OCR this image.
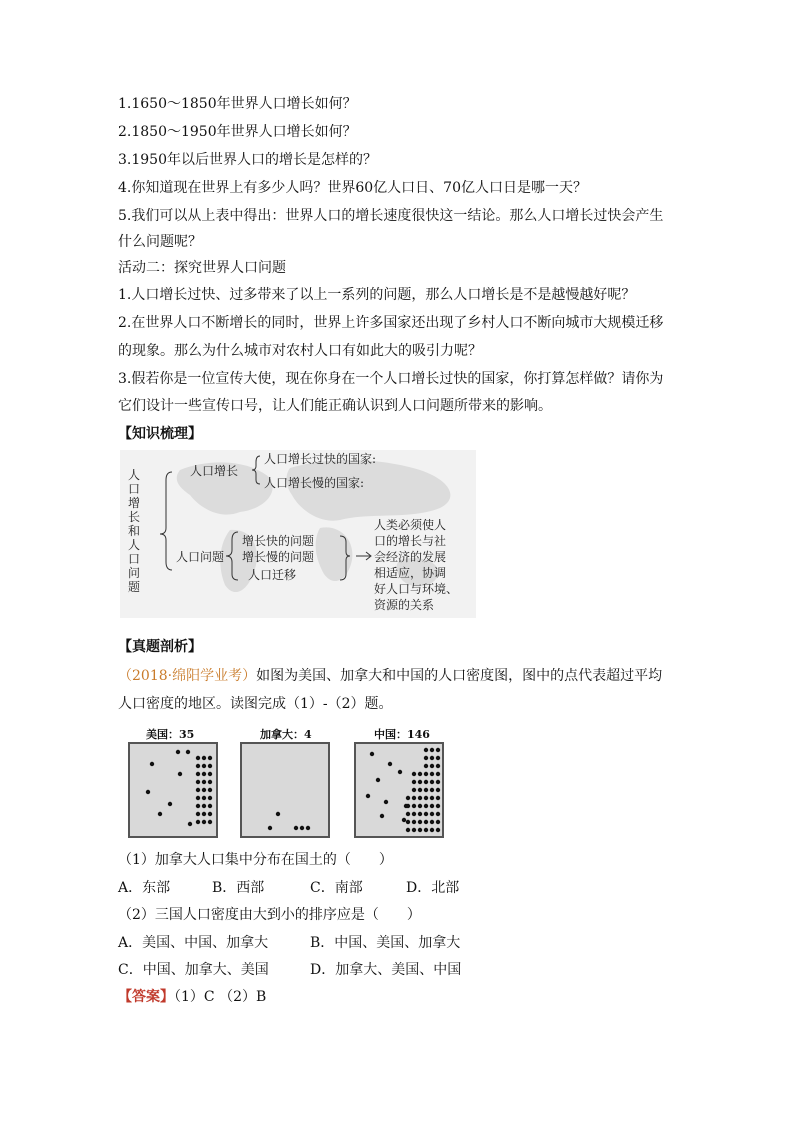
1.1650～1850年世界人口增长如何？
2.1850～1950年世界人口增长如何？
3.1950年以后世界人口的增长是怎样的？
4.你知道现在世界上有多少人吗？世界60亿人口日、70亿人口日是哪一天？
5.我们可以从上表中得出：世界人口的增长速度很快这一结论。那么人口增长过快会产生
什么问题呢？
活动二：探究世界人口问题
1.人口增长过快、过多带来了以上一系列的问题，那么人口增长是不是越慢越好呢？
2.在世界人口不断增长的同时，世界上许多国家还出现了乡村人口不断向城市大规模迁移
的现象。那么为什么城市对农村人口有如此大的吸引力呢？
3.假若你是一位宣传大使，现在你身在一个人口增长过快的国家，你打算怎样做？请你为
它们设计一些宣传口号，让人们能正确认识到人口问题所带来的影响。
【知识梳理】
人
口
增
长
和
人
口
问
题
人口增长
人口增长过快的国家:
人口增长慢的国家:
人口问题
增长快的问题
增长慢的问题
人口迁移
人类必须使人
口的增长与社
会经济的发展
相适应，协调
好人口与环境、
资源的关系
【真题剖析】
（2018·绵阳学业考）如图为美国、加拿大和中国的人口密度图，图中的点代表超过平均
人口密度的地区。读图完成（1）-（2）题。
美国：35	加拿大：4	中国：146
（1）加拿大人口集中分布在国土的（　　）
A．东部	B．西部	C．南部	D．北部
（2）三国人口密度由大到小的排序应是（　　）
A．美国、中国、加拿大	B．中国、美国、加拿大
C．中国、加拿大、美国	D．加拿大、美国、中国
【答案】（1）C （2）B
